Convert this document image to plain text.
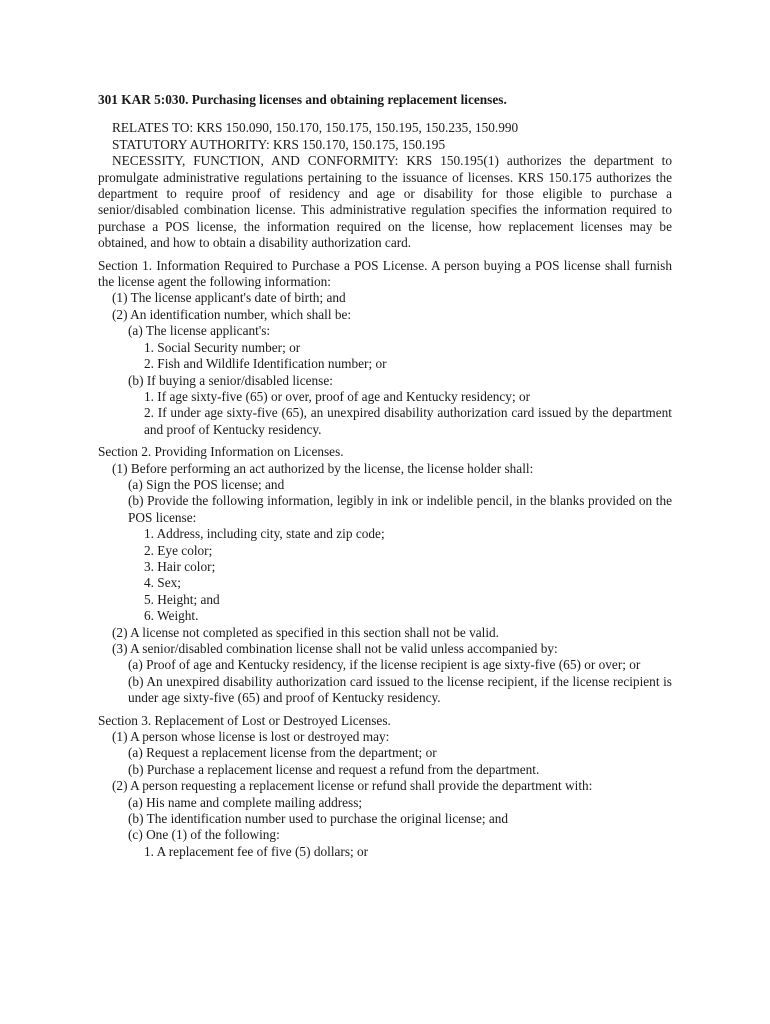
301 KAR 5:030. Purchasing licenses and obtaining replacement licenses.

RELATES TO: KRS 150.090, 150.170, 150.175, 150.195, 150.235, 150.990

STATUTORY AUTHORITY: KRS 150.170, 150.175, 150.195

NECESSITY, FUNCTION, AND CONFORMITY: KRS 150.195(1) authorizes the department to promulgate administrative regulations pertaining to the issuance of licenses. KRS 150.175 authorizes the department to require proof of residency and age or disability for those eligible to purchase a senior/disabled combination license. This administrative regulation specifies the information required to purchase a POS license, the information required on the license, how replacement licenses may be obtained, and how to obtain a disability authorization card.

Section 1. Information Required to Purchase a POS License. A person buying a POS license shall furnish the license agent the following information:

(1) The license applicant's date of birth; and

(2) An identification number, which shall be:

(a) The license applicant's:

1. Social Security number; or

2. Fish and Wildlife Identification number; or

(b) If buying a senior/disabled license:

1. If age sixty-five (65) or over, proof of age and Kentucky residency; or

2. If under age sixty-five (65), an unexpired disability authorization card issued by the department and proof of Kentucky residency.

Section 2. Providing Information on Licenses.

(1) Before performing an act authorized by the license, the license holder shall:

(a) Sign the POS license; and

(b) Provide the following information, legibly in ink or indelible pencil, in the blanks provided on the POS license:

1. Address, including city, state and zip code;

2. Eye color;

3. Hair color;

4. Sex;

5. Height; and

6. Weight.

(2) A license not completed as specified in this section shall not be valid.

(3) A senior/disabled combination license shall not be valid unless accompanied by:

(a) Proof of age and Kentucky residency, if the license recipient is age sixty-five (65) or over; or

(b) An unexpired disability authorization card issued to the license recipient, if the license recipient is under age sixty-five (65) and proof of Kentucky residency.

Section 3. Replacement of Lost or Destroyed Licenses.

(1) A person whose license is lost or destroyed may:

(a) Request a replacement license from the department; or

(b) Purchase a replacement license and request a refund from the department.

(2) A person requesting a replacement license or refund shall provide the department with:

(a) His name and complete mailing address;

(b) The identification number used to purchase the original license; and

(c) One (1) of the following:

1. A replacement fee of five (5) dollars; or
